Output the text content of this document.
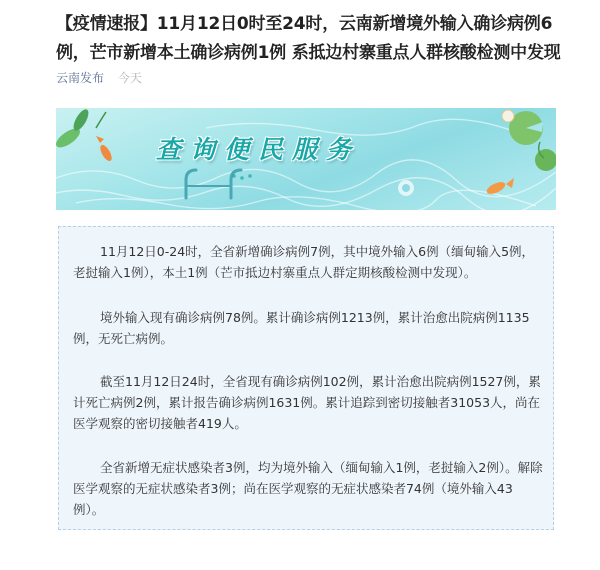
【疫情速报】11月12日0时至24时，云南新增境外输入确诊病例6例，芒市新增本土确诊病例1例 系抵边村寨重点人群核酸检测中发现
云南发布 今天
查询便民服务

11月12日0-24时，全省新增确诊病例7例，其中境外输入6例（缅甸输入5例，老挝输入1例），本土1例（芒市抵边村寨重点人群定期核酸检测中发现）。

境外输入现有确诊病例78例。累计确诊病例1213例，累计治愈出院病例1135例，无死亡病例。

截至11月12日24时，全省现有确诊病例102例，累计治愈出院病例1527例，累计死亡病例2例，累计报告确诊病例1631例。累计追踪到密切接触者31053人，尚在医学观察的密切接触者419人。

全省新增无症状感染者3例，均为境外输入（缅甸输入1例，老挝输入2例）。解除医学观察的无症状感染者3例；尚在医学观察的无症状感染者74例（境外输入43例）。
